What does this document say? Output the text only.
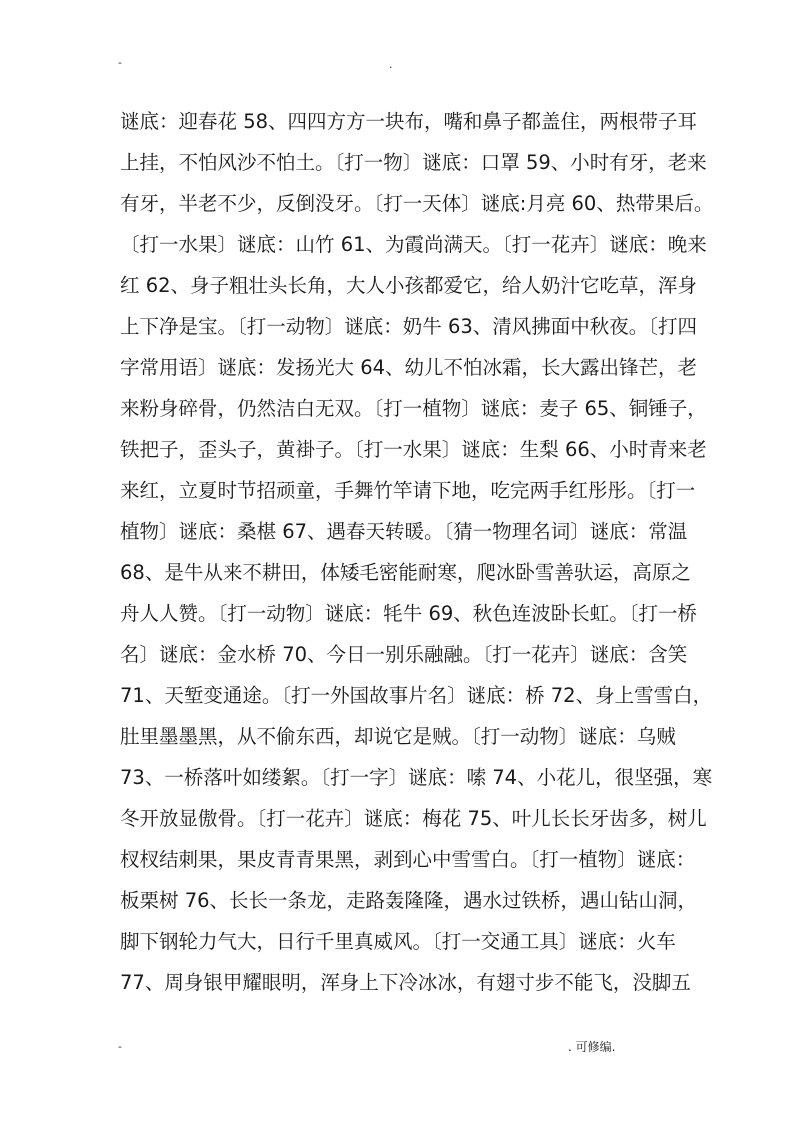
-	.
谜底：迎春花 58、四四方方一块布，嘴和鼻子都盖住，两根带子耳
上挂，不怕风沙不怕土。〔打一物〕谜底：口罩 59、小时有牙，老来
有牙，半老不少，反倒没牙。〔打一天体〕谜底:月亮 60、热带果后。
〔打一水果〕谜底：山竹 61、为霞尚满天。〔打一花卉〕谜底：晚来
红 62、身子粗壮头长角，大人小孩都爱它，给人奶汁它吃草，浑身
上下净是宝。〔打一动物〕谜底：奶牛 63、清风拂面中秋夜。〔打四
字常用语〕谜底：发扬光大 64、幼儿不怕冰霜，长大露出锋芒，老
来粉身碎骨，仍然洁白无双。〔打一植物〕谜底：麦子 65、铜锤子，
铁把子，歪头子，黄褂子。〔打一水果〕谜底：生梨 66、小时青来老
来红，立夏时节招顽童，手舞竹竿请下地，吃完两手红彤彤。〔打一
植物〕谜底：桑椹 67、遇春天转暖。〔猜一物理名词〕谜底：常温
68、是牛从来不耕田，体矮毛密能耐寒，爬冰卧雪善驮运，高原之
舟人人赞。〔打一动物〕谜底：牦牛 69、秋色连波卧长虹。〔打一桥
名〕谜底：金水桥 70、今日一别乐融融。〔打一花卉〕谜底：含笑
71、天堑变通途。〔打一外国故事片名〕谜底：桥 72、身上雪雪白，
肚里墨墨黑，从不偷东西，却说它是贼。〔打一动物〕谜底：乌贼
73、一桥落叶如缕絮。〔打一字〕谜底：嗦 74、小花儿，很坚强，寒
冬开放显傲骨。〔打一花卉〕谜底：梅花 75、叶儿长长牙齿多，树儿
杈杈结刺果，果皮青青果黑，剥到心中雪雪白。〔打一植物〕谜底：
板栗树 76、长长一条龙，走路轰隆隆，遇水过铁桥，遇山钻山洞，
脚下钢轮力气大，日行千里真威风。〔打一交通工具〕谜底：火车
77、周身银甲耀眼明，浑身上下冷冰冰，有翅寸步不能飞，没脚五
-	. 可修编.
